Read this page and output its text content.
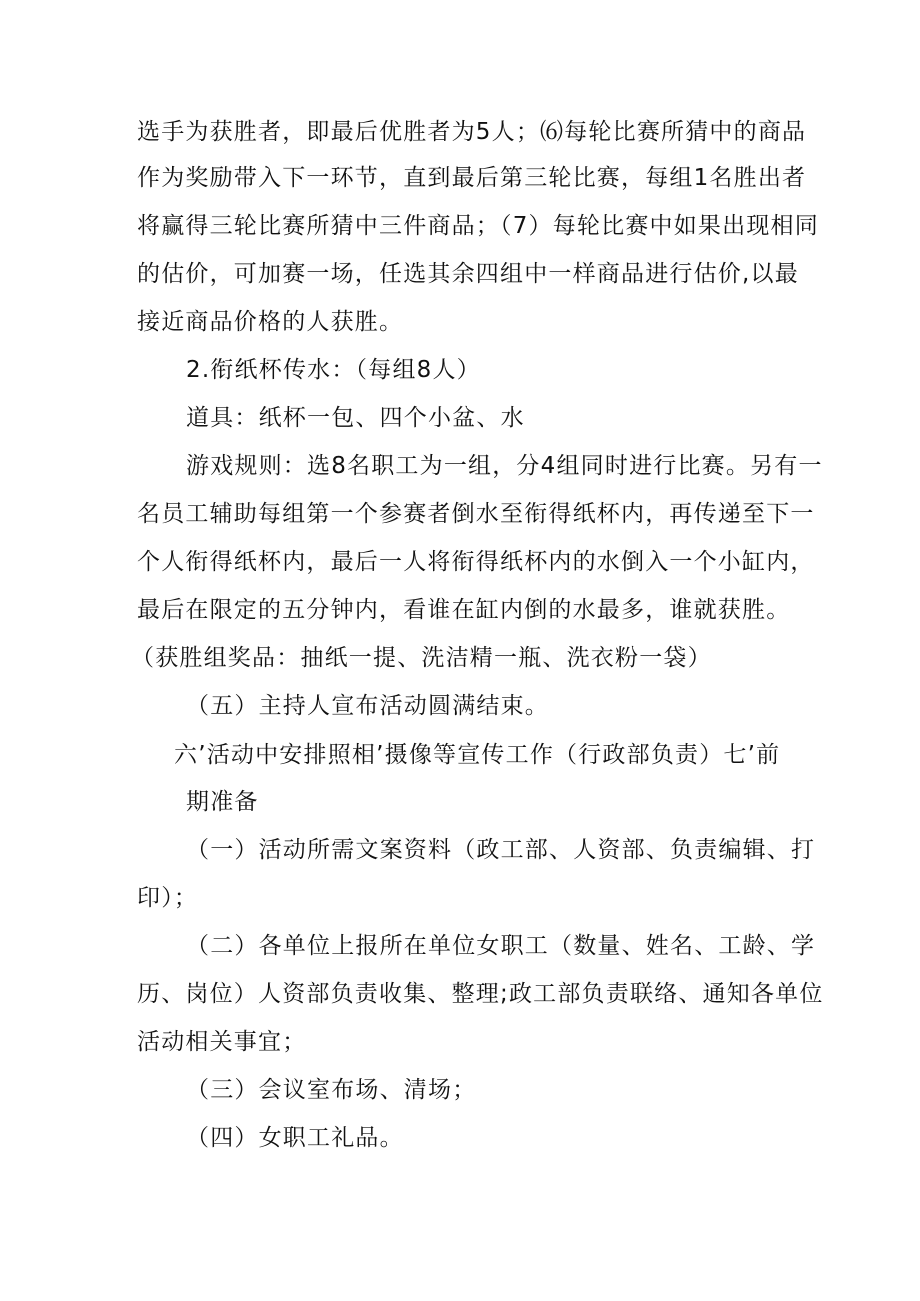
选手为获胜者，即最后优胜者为5人；⑹每轮比赛所猜中的商品
作为奖励带入下一环节，直到最后第三轮比赛，每组1名胜出者
将赢得三轮比赛所猜中三件商品；（7）每轮比赛中如果出现相同
的估价，可加赛一场，任选其余四组中一样商品进行估价,以最
接近商品价格的人获胜。
2.衔纸杯传水：（每组8人）
道具：纸杯一包、四个小盆、水
游戏规则：选8名职工为一组，分4组同时进行比赛。另有一
名员工辅助每组第一个参赛者倒水至衔得纸杯内，再传递至下一
个人衔得纸杯内，最后一人将衔得纸杯内的水倒入一个小缸内，
最后在限定的五分钟内，看谁在缸内倒的水最多，谁就获胜。
（获胜组奖品：抽纸一提、洗洁精一瓶、洗衣粉一袋）
（五）主持人宣布活动圆满结束。
六’活动中安排照相’摄像等宣传工作（行政部负责）七’前
期准备
（一）活动所需文案资料（政工部、人资部、负责编辑、打
印）；
（二）各单位上报所在单位女职工（数量、姓名、工龄、学
历、岗位）人资部负责收集、整理;政工部负责联络、通知各单位
活动相关事宜；
（三）会议室布场、清场；
（四）女职工礼品。
